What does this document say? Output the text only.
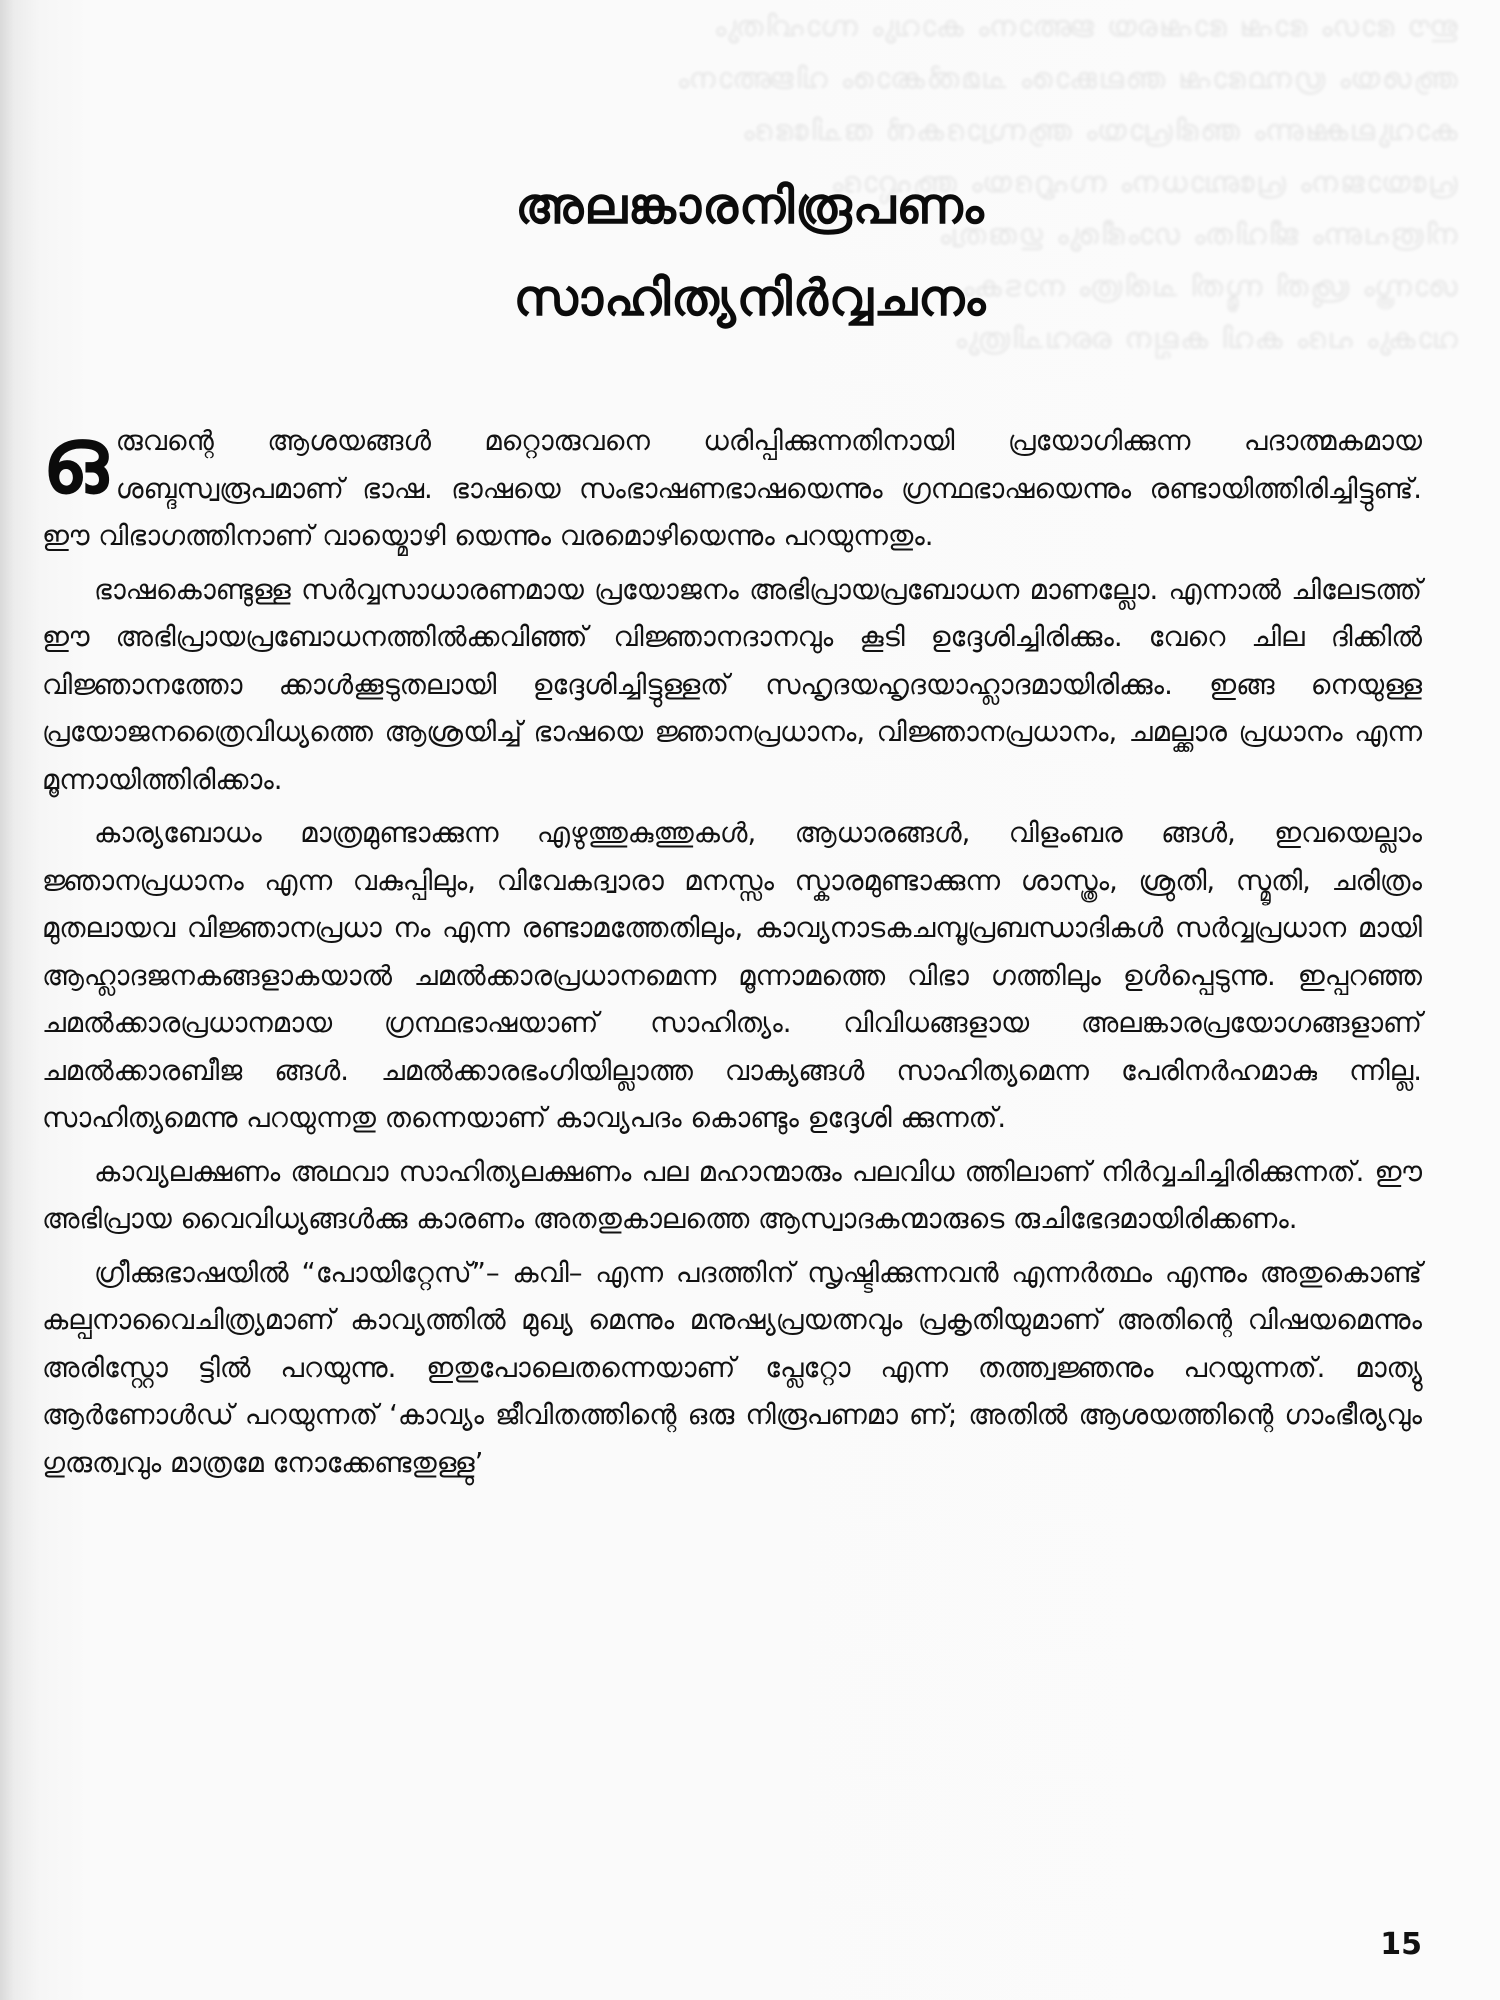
ഈ ഭാഗം ഭാഷ ഭാഷയെ ജ്ഞാനം കാവ്യം സാഹിത്യം
ആശയം ഗ്രന്ഥഭാഷ അലങ്കാരം ചമൽക്കാരം വിജ്ഞാനം
കാവ്യലക്ഷണം അഭിപ്രായം ആസ്വാദകൻ രുചിഭേദം
പ്രയോജനം പ്രബോധനം സഹൃദയം ആഹ്ലാദം
നിരൂപണം ജീവിതം ഗാംഭീര്യം ഗുരുത്വം
ശാസ്ത്രം ശ്രുതി സ്മൃതി ചരിത്രം നാടകം
വാക്യം പദം കവി കല്പന വൈചിത്ര്യം
അലങ്കാരനിരൂപണം
സാഹിത്യനിർവ്വചനം

ഒരുവന്റെ ആശയങ്ങൾ മറ്റൊരുവനെ ധരിപ്പിക്കുന്നതിനായി പ്രയോഗിക്കുന്ന പദാത്മകമായ ശബ്ദസ്വരൂപമാണ് ഭാഷ. ഭാഷയെ സംഭാഷണഭാഷയെന്നും ഗ്രന്ഥഭാഷയെന്നും രണ്ടായിത്തിരിച്ചിട്ടുണ്ട്. ഈ വിഭാഗത്തിനാണ് വായ്മൊഴി യെന്നും വരമൊഴിയെന്നും പറയുന്നതും.

ഭാഷകൊണ്ടുള്ള സർവ്വസാധാരണമായ പ്രയോജനം അഭിപ്രായപ്രബോധന മാണല്ലോ. എന്നാൽ ചിലേടത്ത് ഈ അഭിപ്രായപ്രബോധനത്തിൽക്കവിഞ്ഞ് വിജ്ഞാനദാനവും കൂടി ഉദ്ദേശിച്ചിരിക്കും. വേറെ ചില ദിക്കിൽ വിജ്ഞാനത്തോ ക്കാൾക്കൂടുതലായി ഉദ്ദേശിച്ചിട്ടുള്ളത് സഹൃദയഹൃദയാഹ്ലാദമായിരിക്കും. ഇങ്ങ നെയുള്ള പ്രയോജനത്രൈവിധ്യത്തെ ആശ്രയിച്ച് ഭാഷയെ ജ്ഞാനപ്രധാനം, വിജ്ഞാനപ്രധാനം, ചമല്ക്കാര പ്രധാനം എന്ന മൂന്നായിത്തിരിക്കാം.

കാര്യബോധം മാത്രമുണ്ടാക്കുന്ന എഴുത്തുകുത്തുകൾ, ആധാരങ്ങൾ, വിളംബര ങ്ങൾ, ഇവയെല്ലാം ജ്ഞാനപ്രധാനം എന്ന വകുപ്പിലും, വിവേകദ്വാരാ മനസ്സം സ്കാരമുണ്ടാക്കുന്ന ശാസ്ത്രം, ശ്രുതി, സ്മൃതി, ചരിത്രം മുതലായവ വിജ്ഞാനപ്രധാ നം എന്ന രണ്ടാമത്തേതിലും, കാവ്യനാടകചമ്പൂപ്രബന്ധാദികൾ സർവ്വപ്രധാന മായി ആഹ്ലാദജനകങ്ങളാകയാൽ ചമൽക്കാരപ്രധാനമെന്ന മൂന്നാമത്തെ വിഭാ ഗത്തിലും ഉൾപ്പെടുന്നു. ഇപ്പറഞ്ഞ ചമൽക്കാരപ്രധാനമായ ഗ്രന്ഥഭാഷയാണ് സാഹിത്യം. വിവിധങ്ങളായ അലങ്കാരപ്രയോഗങ്ങളാണ് ചമൽക്കാരബീജ ങ്ങൾ. ചമൽക്കാരഭംഗിയില്ലാത്ത വാക്യങ്ങൾ സാഹിത്യമെന്ന പേരിനർഹമാകു ന്നില്ല. സാഹിത്യമെന്നു പറയുന്നതു തന്നെയാണ് കാവ്യപദം കൊണ്ടും ഉദ്ദേശി ക്കുന്നത്.

കാവ്യലക്ഷണം അഥവാ സാഹിത്യലക്ഷണം പല മഹാന്മാരും പലവിധ ത്തിലാണ് നിർവ്വചിച്ചിരിക്കുന്നത്. ഈ അഭിപ്രായ വൈവിധ്യങ്ങൾക്കു കാരണം അതതുകാലത്തെ ആസ്വാദകന്മാരുടെ രുചിഭേദമായിരിക്കണം.

ഗ്രീക്കുഭാഷയിൽ “പോയിറ്റേസ്”– കവി– എന്ന പദത്തിന് സൃഷ്ടിക്കുന്നവൻ എന്നർത്ഥം എന്നും അതുകൊണ്ട് കല്പനാവൈചിത്ര്യമാണ് കാവ്യത്തിൽ മുഖ്യ മെന്നും മനുഷ്യപ്രയത്നവും പ്രകൃതിയുമാണ് അതിന്റെ വിഷയമെന്നും അരിസ്റ്റോ ട്ടിൽ പറയുന്നു. ഇതുപോലെതന്നെയാണ് പ്ലേറ്റോ എന്ന തത്ത്വജ്ഞനും പറയുന്നത്. മാത്യു ആർണോൾഡ് പറയുന്നത് ‘കാവ്യം ജീവിതത്തിന്റെ ഒരു നിരൂപണമാ ണ്; അതിൽ ആശയത്തിന്റെ ഗാംഭീര്യവും ഗുരുത്വവും മാത്രമേ നോക്കേണ്ടതുള്ളു’

15
